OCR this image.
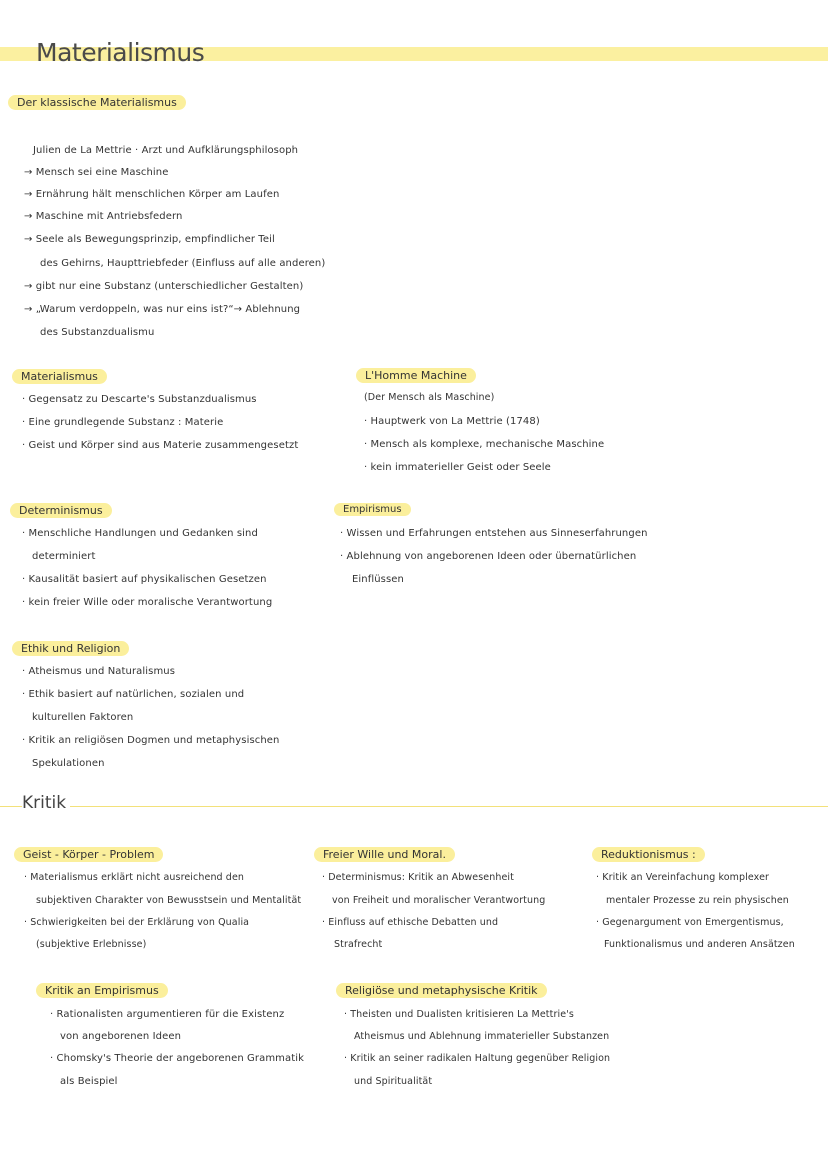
Materialismus
Der klassische Materialismus
Julien de La Mettrie · Arzt und Aufklärungsphilosoph
→ Mensch sei eine Maschine
→ Ernährung hält menschlichen Körper am Laufen
→ Maschine mit Antriebsfedern
→ Seele als Bewegungsprinzip, empfindlicher Teil
des Gehirns, Haupttriebfeder (Einfluss auf alle anderen)
→ gibt nur eine Substanz (unterschiedlicher Gestalten)
→ „Warum verdoppeln, was nur eins ist?“→ Ablehnung
des Substanzdualismu
Materialismus
· Gegensatz zu Descarte's Substanzdualismus
· Eine grundlegende Substanz : Materie
· Geist und Körper sind aus Materie zusammengesetzt
L'Homme Machine
(Der Mensch als Maschine)
· Hauptwerk von La Mettrie (1748)
· Mensch als komplexe, mechanische Maschine
· kein immaterieller Geist oder Seele
Determinismus
· Menschliche Handlungen und Gedanken sind
determiniert
· Kausalität basiert auf physikalischen Gesetzen
· kein freier Wille oder moralische Verantwortung
Empirismus
· Wissen und Erfahrungen entstehen aus Sinneserfahrungen
· Ablehnung von angeborenen Ideen oder übernatürlichen
Einflüssen
Ethik und Religion
· Atheismus und Naturalismus
· Ethik basiert auf natürlichen, sozialen und
kulturellen Faktoren
· Kritik an religiösen Dogmen und metaphysischen
Spekulationen
Kritik
Geist - Körper - Problem
· Materialismus erklärt nicht ausreichend den
subjektiven Charakter von Bewusstsein und Mentalität
· Schwierigkeiten bei der Erklärung von Qualia
(subjektive Erlebnisse)
Freier Wille und Moral.
· Determinismus: Kritik an Abwesenheit
von Freiheit und moralischer Verantwortung
· Einfluss auf ethische Debatten und
Strafrecht
Reduktionismus :
· Kritik an Vereinfachung komplexer
mentaler Prozesse zu rein physischen
· Gegenargument von Emergentismus,
Funktionalismus und anderen Ansätzen
Kritik an Empirismus
· Rationalisten argumentieren für die Existenz
von angeborenen Ideen
· Chomsky's Theorie der angeborenen Grammatik
als Beispiel
Religiöse und metaphysische Kritik
· Theisten und Dualisten kritisieren La Mettrie's
Atheismus und Ablehnung immaterieller Substanzen
· Kritik an seiner radikalen Haltung gegenüber Religion
und Spiritualität
